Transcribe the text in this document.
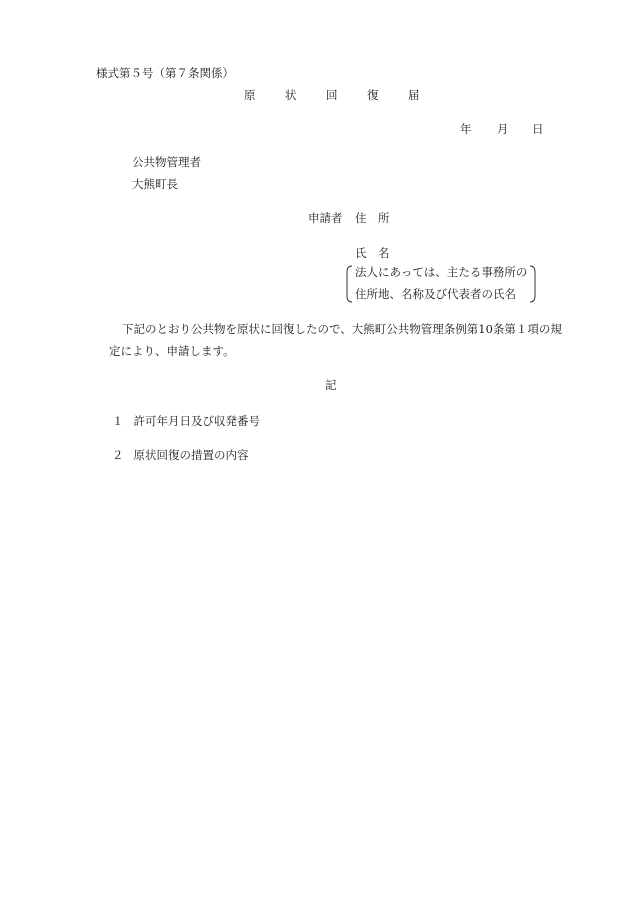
様式第５号（第７条関係）
原	状	回	復	届
年 月 日
公共物管理者
大熊町長
申請者 住　所
氏　名
法人にあっては、主たる事務所の
住所地、名称及び代表者の氏名
下記のとおり公共物を原状に回復したので、大熊町公共物管理条例第10条第１項の規
定により、申請します。
記
１ 許可年月日及び収発番号
２ 原状回復の措置の内容
